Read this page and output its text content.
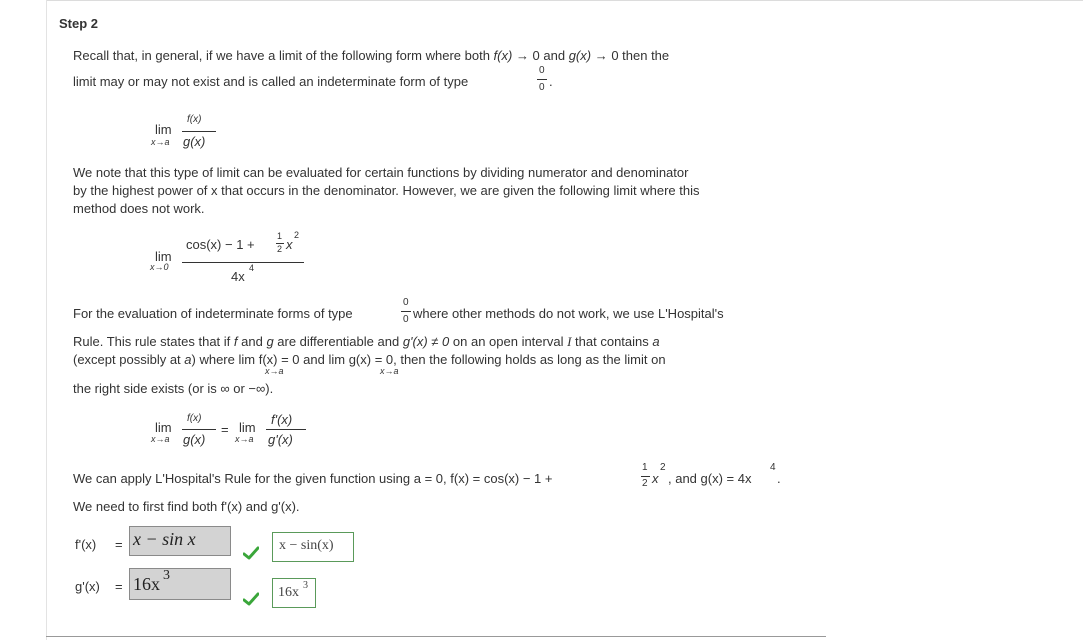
Step 2
Recall that, in general, if we have a limit of the following form where both f(x) → 0 and g(x) → 0 then the
limit may or may not exist and is called an indeterminate form of type
0
0 .
lim
x→a
f(x)
g(x)
We note that this type of limit can be evaluated for certain functions by dividing numerator and denominator
by the highest power of x that occurs in the denominator. However, we are given the following limit where this
method does not work.
lim
x→0
cos(x) − 1 +
1
2 x
2
4x
4
For the evaluation of indeterminate forms of type
0
0 where other methods do not work, we use L'Hospital's
Rule. This rule states that if f and g are differentiable and g'(x) ≠ 0 on an open interval I that contains a
(except possibly at a) where lim f(x) = 0 and lim g(x) = 0, then the following holds as long as the limit on
x→a	x→a
the right side exists (or is ∞ or −∞).
lim
x→a
f(x)
g(x)
= lim
x→a
f'(x)
g'(x)
We can apply L'Hospital's Rule for the given function using a = 0, f(x) = cos(x) − 1 +
1
2 x
2
, and g(x) = 4x
4
.
We need to first find both f'(x) and g'(x).
f'(x) = x − sin x	x − sin(x)
g'(x) = 16x 3
16x 3
